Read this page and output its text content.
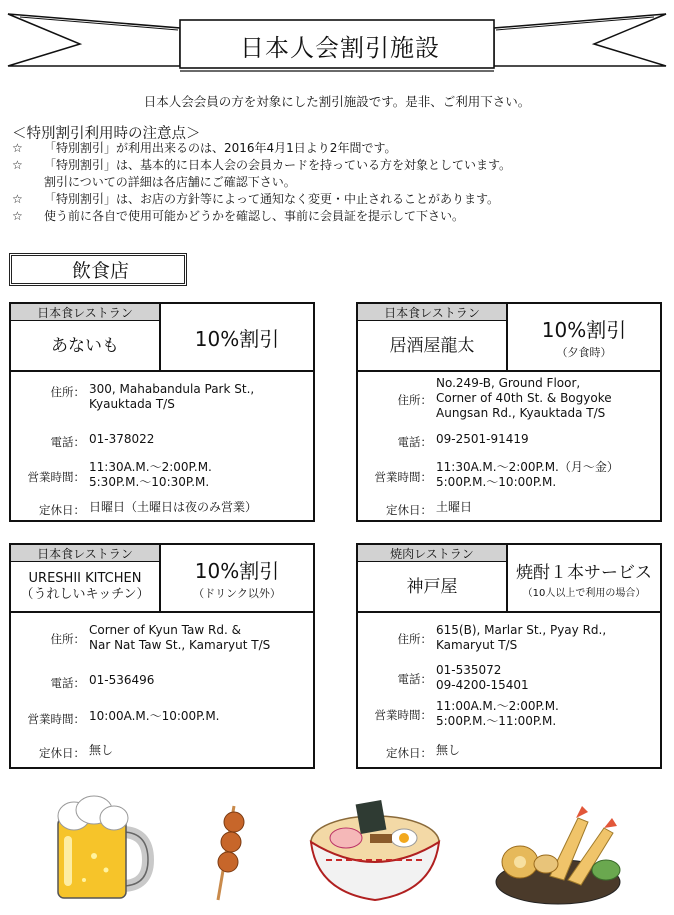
日本人会割引施設
日本人会会員の方を対象にした割引施設です。是非、ご利用下さい。
＜特別割引利用時の注意点＞
☆	「特別割引」が利用出来るのは、2016年4月1日より2年間です。
☆	「特別割引」は、基本的に日本人会の会員カードを持っている方を対象としています。
割引についての詳細は各店舗にご確認下さい。
☆	「特別割引」は、お店の方針等によって通知なく変更・中止されることがあります。
☆	使う前に各自で使用可能かどうかを確認し、事前に会員証を提示して下さい。
飲食店
日本食レストラン
あないも	10%割引
住所： 300, Mahabandula Park St.,
Kyauktada T/S
電話： 01-378022
営業時間：
11:30A.M.～2:00P.M.
5:30P.M.～10:30P.M.
定休日： 日曜日（土曜日は夜のみ営業）
日本食レストラン
居酒屋龍太
10%割引
（夕食時）
住所：
No.249-B, Ground Floor,
Corner of 40th St. & Bogyoke
Aungsan Rd., Kyauktada T/S
電話： 09-2501-91419
営業時間：
11:30A.M.～2:00P.M.（月～金）
5:00P.M.～10:00P.M.
定休日： 土曜日
日本食レストラン
URESHII KITCHEN
（うれしいキッチン）
10%割引
（ドリンク以外）
住所：
Corner of Kyun Taw Rd. &
Nar Nat Taw St., Kamaryut T/S
電話： 01-536496
営業時間： 10:00A.M.～10:00P.M.
定休日： 無し
焼肉レストラン
神戸屋
焼酎１本サービス
（10人以上で利用の場合）
住所：
615(B), Marlar St., Pyay Rd.,
Kamaryut T/S
電話：
01-535072
09-4200-15401
営業時間：
11:00A.M.～2:00P.M.
5:00P.M.～11:00P.M.
定休日： 無し
